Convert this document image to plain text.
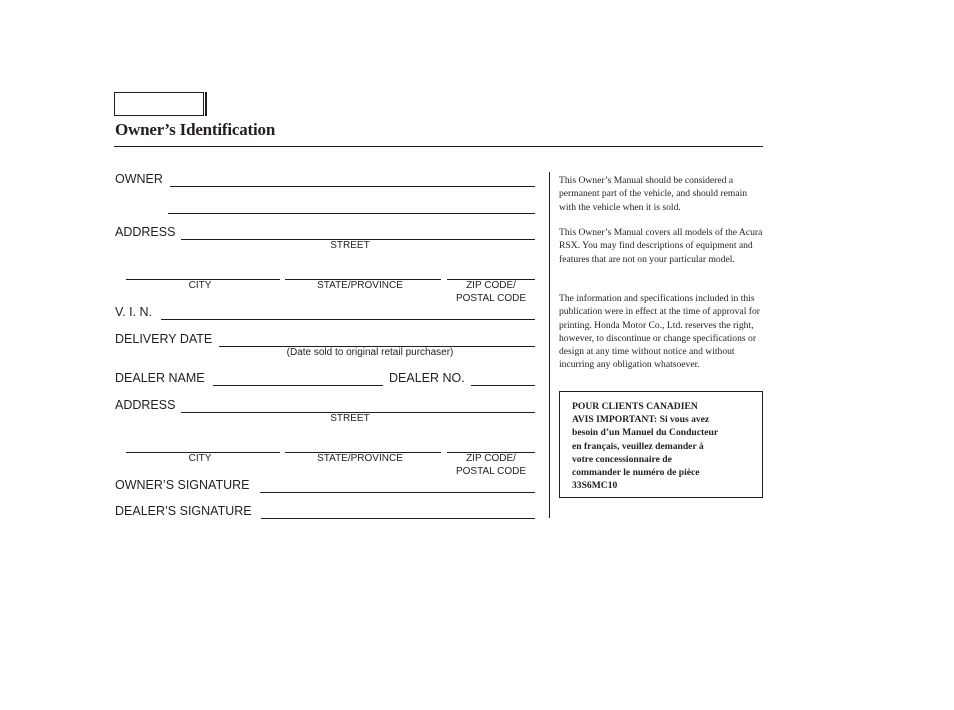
Owner’s Identification
OWNER
ADDRESS
STREET
CITY	STATE/PROVINCE	ZIP CODE/
POSTAL CODE
V. I. N.
DELIVERY DATE
(Date sold to original retail purchaser)
DEALER NAME	DEALER NO.
ADDRESS
STREET
CITY	STATE/PROVINCE	ZIP CODE/
POSTAL CODE
OWNER’S SIGNATURE
DEALER’S SIGNATURE
This Owner’s Manual should be considered a permanent part of the vehicle, and should remain with the vehicle when it is sold.
This Owner’s Manual covers all models of the Acura RSX. You may find descriptions of equipment and features that are not on your particular model.
The information and specifications included in this publication were in effect at the time of approval for printing. Honda Motor Co., Ltd. reserves the right, however, to discontinue or change specifications or design at any time without notice and without incurring any obligation whatsoever.
POUR CLIENTS CANADIEN
AVIS IMPORTANT: Si vous avez
besoin d’un Manuel du Conducteur
en français, veuillez demander à
votre concessionnaire de
commander le numéro de pièce
33S6MC10
